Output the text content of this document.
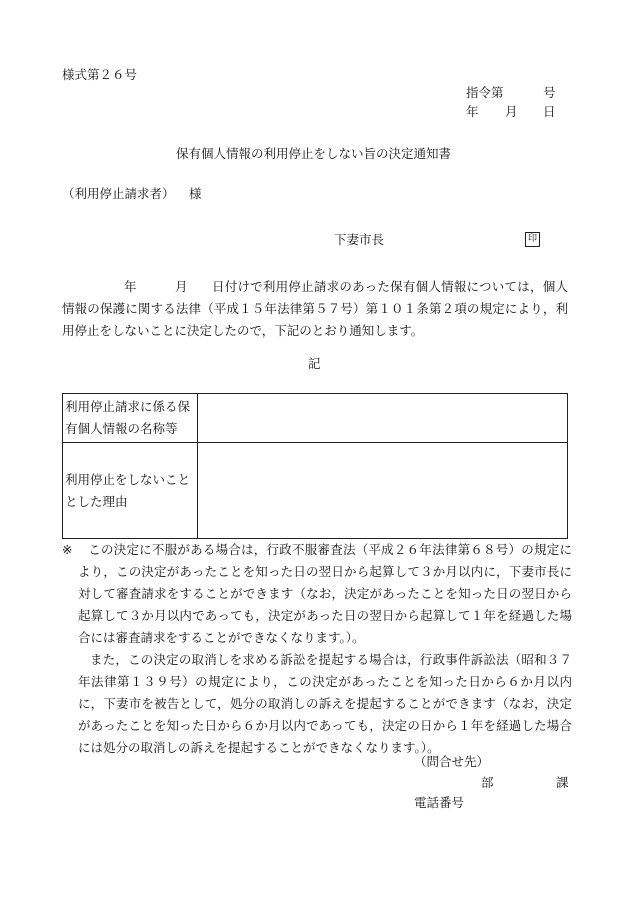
様式第２６号
指令第	号
年 月 日
保有個人情報の利用停止をしない旨の決定通知書
（利用停止請求者） 様
下妻市長	印
年	月 日付けで利用停止請求のあった保有個人情報については，個人情報の保護に関する法律（平成１５年法律第５７号）第１０１条第２項の規定により，利用停止をしないことに決定したので，下記のとおり通知します。
記
利用停止請求に係る保有個人情報の名称等	
利用停止をしないこととした理由	

※ この決定に不服がある場合は，行政不服審査法（平成２６年法律第６８号）の規定により，この決定があったことを知った日の翌日から起算して３か月以内に，下妻市長に対して審査請求をすることができます（なお，決定があったことを知った日の翌日から起算して３か月以内であっても，決定があった日の翌日から起算して１年を経過した場合には審査請求をすることができなくなります。）。

また，この決定の取消しを求める訴訟を提起する場合は，行政事件訴訟法（昭和３７年法律第１３９号）の規定により，この決定があったことを知った日から６か月以内に，下妻市を被告として，処分の取消しの訴えを提起することができます（なお，決定があったことを知った日から６か月以内であっても，決定の日から１年を経過した場合には処分の取消しの訴えを提起することができなくなります。）。

（問合せ先）
部	課
電話番号
